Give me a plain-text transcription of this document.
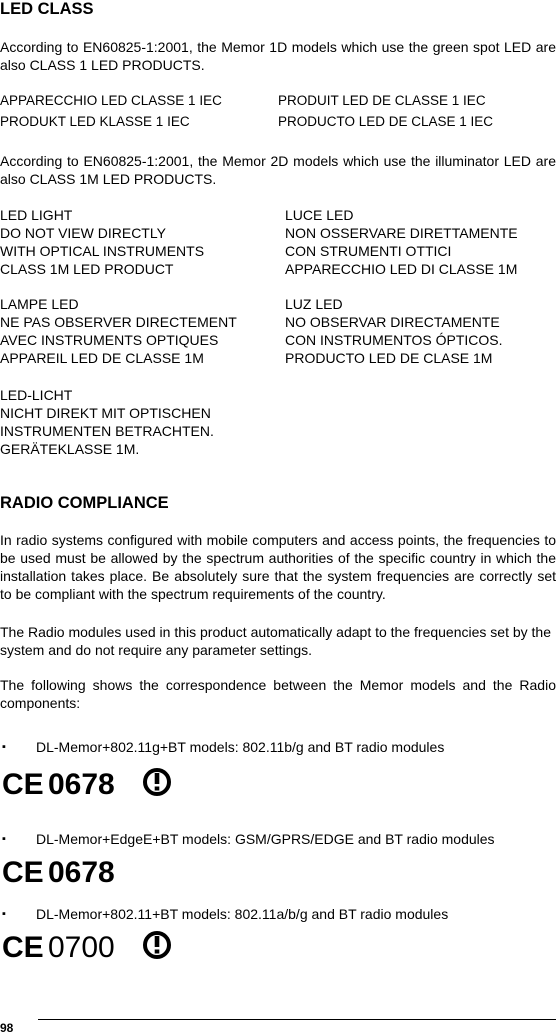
LED CLASS

According to EN60825-1:2001, the Memor 1D models which use the green spot LED are also CLASS 1 LED PRODUCTS.

APPARECCHIO LED CLASSE 1 IEC	PRODUIT LED DE CLASSE 1 IEC
PRODUKT LED KLASSE 1 IEC	PRODUCTO LED DE CLASE 1 IEC

According to EN60825-1:2001, the Memor 2D models which use the illuminator LED are also CLASS 1M LED PRODUCTS.

LED LIGHT
DO NOT VIEW DIRECTLY
WITH OPTICAL INSTRUMENTS
CLASS 1M LED PRODUCT
LUCE LED
NON OSSERVARE DIRETTAMENTE
CON STRUMENTI OTTICI
APPARECCHIO LED DI CLASSE 1M
LAMPE LED
NE PAS OBSERVER DIRECTEMENT
AVEC INSTRUMENTS OPTIQUES
APPAREIL LED DE CLASSE 1M
LUZ LED
NO OBSERVAR DIRECTAMENTE
CON INSTRUMENTOS ÓPTICOS.
PRODUCTO LED DE CLASE 1M
LED-LICHT
NICHT DIREKT MIT OPTISCHEN
INSTRUMENTEN BETRACHTEN.
GERÄTEKLASSE 1M.
RADIO COMPLIANCE

In radio systems configured with mobile computers and access points, the frequencies to be used must be allowed by the spectrum authorities of the specific country in which the installation takes place. Be absolutely sure that the system frequencies are correctly set to be compliant with the spectrum requirements of the country.

The Radio modules used in this product automatically adapt to the frequencies set by the system and do not require any parameter settings.

The following shows the correspondence between the Memor models and the Radio components:

▪ DL-Memor+802.11g+BT models: 802.11b/g and BT radio modules
CE 0678
▪ DL-Memor+EdgeE+BT models: GSM/GPRS/EDGE and BT radio modules
CE 0678
▪ DL-Memor+802.11+BT models: 802.11a/b/g and BT radio modules
CE 0700
98
